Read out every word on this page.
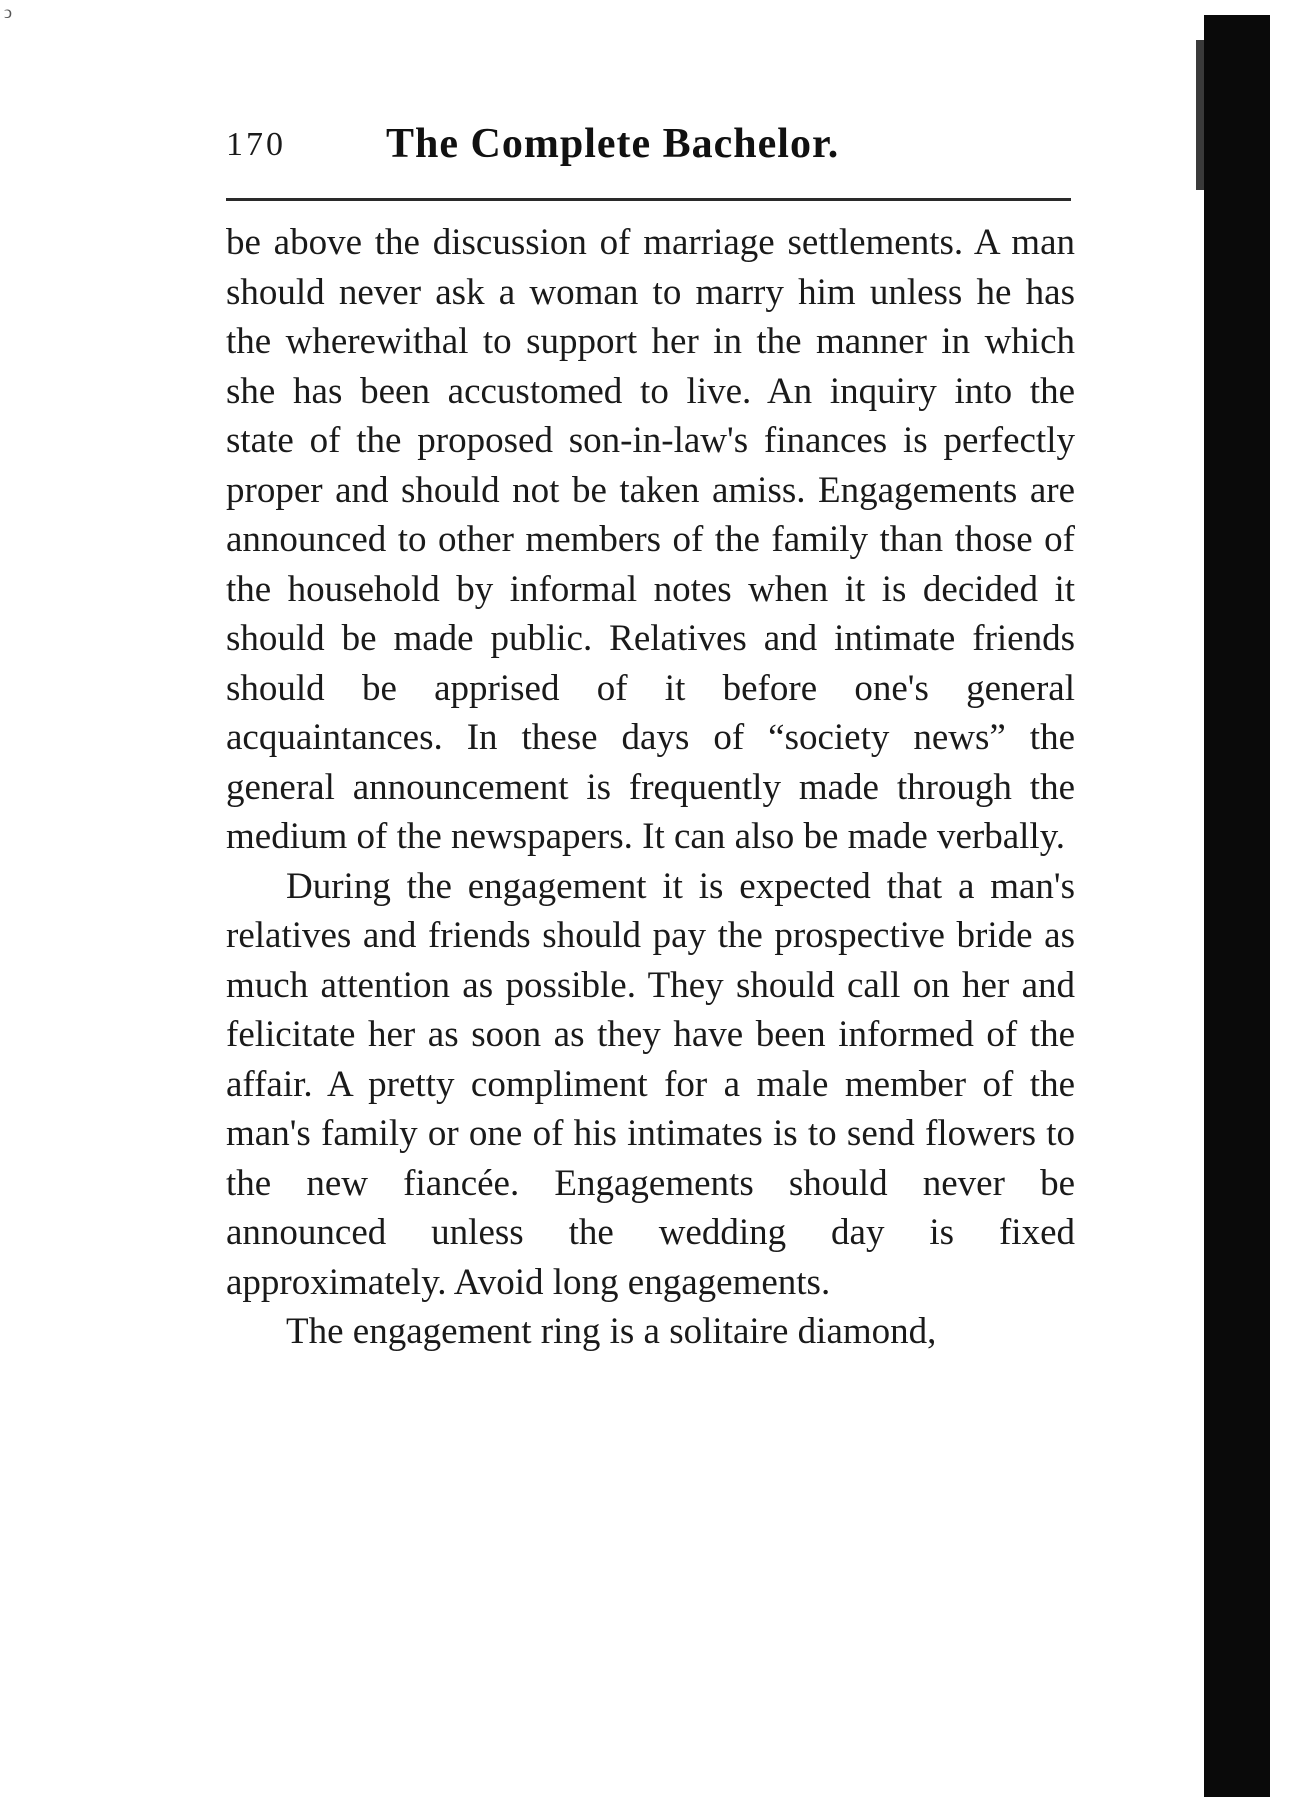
ↄ
170 The Complete Bachelor.

be above the discussion of marriage settlements. A man should never ask a woman to marry him unless he has the wherewithal to support her in the manner in which she has been accustomed to live. An inquiry into the state of the proposed son-in-law's finances is perfectly proper and should not be taken amiss. Engagements are announced to other members of the family than those of the household by informal notes when it is decided it should be made public. Relatives and intimate friends should be apprised of it before one's general acquaintances. In these days of “society news” the general announcement is frequently made through the medium of the newspapers. It can also be made verbally.

During the engagement it is expected that a man's relatives and friends should pay the prospective bride as much attention as possible. They should call on her and felicitate her as soon as they have been informed of the affair. A pretty compliment for a male member of the man's family or one of his intimates is to send flowers to the new fiancée. Engagements should never be announced unless the wedding day is fixed approximately. Avoid long engagements.

The engagement ring is a solitaire diamond,
